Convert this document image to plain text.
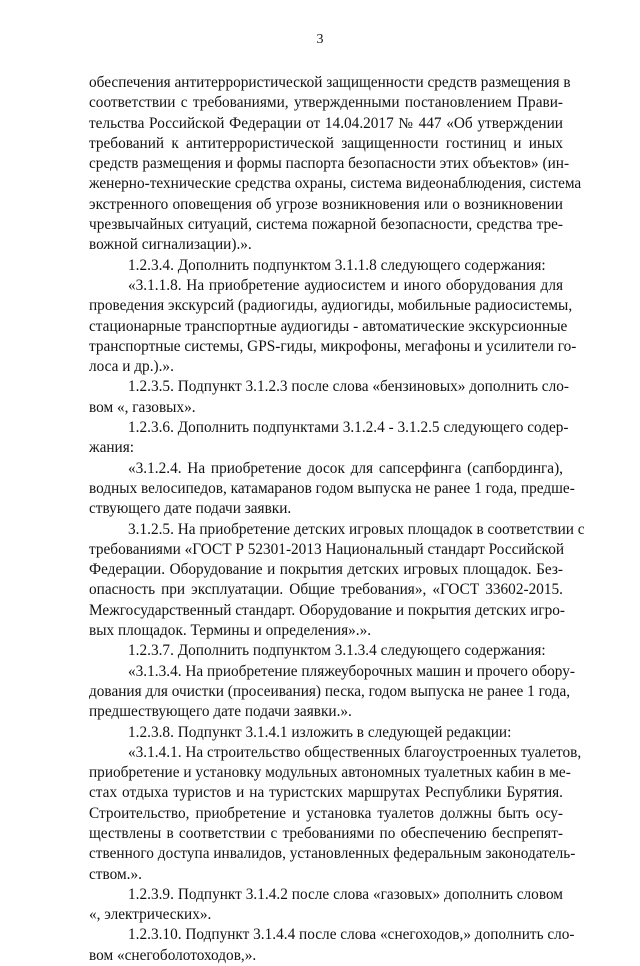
3
обеспечения антитеррористической защищенности средств размещения в
соответствии с требованиями, утвержденными постановлением Прави-
тельства Российской Федерации от 14.04.2017 № 447 «Об утверждении
требований к антитеррористической защищенности гостиниц и иных
средств размещения и формы паспорта безопасности этих объектов» (ин-
женерно-технические средства охраны, система видеонаблюдения, система
экстренного оповещения об угрозе возникновения или о возникновении
чрезвычайных ситуаций, система пожарной безопасности, средства тре-
вожной сигнализации).».
1.2.3.4. Дополнить подпунктом 3.1.1.8 следующего содержания:
«3.1.1.8. На приобретение аудиосистем и иного оборудования для
проведения экскурсий (радиогиды, аудиогиды, мобильные радиосистемы,
стационарные транспортные аудиогиды - автоматические экскурсионные
транспортные системы, GPS-гиды, микрофоны, мегафоны и усилители го-
лоса и др.).».
1.2.3.5. Подпункт 3.1.2.3 после слова «бензиновых» дополнить сло-
вом «, газовых».
1.2.3.6. Дополнить подпунктами 3.1.2.4 - 3.1.2.5 следующего содер-
жания:
«3.1.2.4. На приобретение досок для сапсерфинга (сапбординга),
водных велосипедов, катамаранов годом выпуска не ранее 1 года, предше-
ствующего дате подачи заявки.
3.1.2.5. На приобретение детских игровых площадок в соответствии с
требованиями «ГОСТ Р 52301-2013 Национальный стандарт Российской
Федерации. Оборудование и покрытия детских игровых площадок. Без-
опасность при эксплуатации. Общие требования», «ГОСТ 33602-2015.
Межгосударственный стандарт. Оборудование и покрытия детских игро-
вых площадок. Термины и определения».».
1.2.3.7. Дополнить подпунктом 3.1.3.4 следующего содержания:
«3.1.3.4. На приобретение пляжеуборочных машин и прочего обору-
дования для очистки (просеивания) песка, годом выпуска не ранее 1 года,
предшествующего дате подачи заявки.».
1.2.3.8. Подпункт 3.1.4.1 изложить в следующей редакции:
«3.1.4.1. На строительство общественных благоустроенных туалетов,
приобретение и установку модульных автономных туалетных кабин в ме-
стах отдыха туристов и на туристских маршрутах Республики Бурятия.
Строительство, приобретение и установка туалетов должны быть осу-
ществлены в соответствии с требованиями по обеспечению беспрепят-
ственного доступа инвалидов, установленных федеральным законодатель-
ством.».
1.2.3.9. Подпункт 3.1.4.2 после слова «газовых» дополнить словом
«, электрических».
1.2.3.10. Подпункт 3.1.4.4 после слова «снегоходов,» дополнить сло-
вом «снегоболотоходов,».
